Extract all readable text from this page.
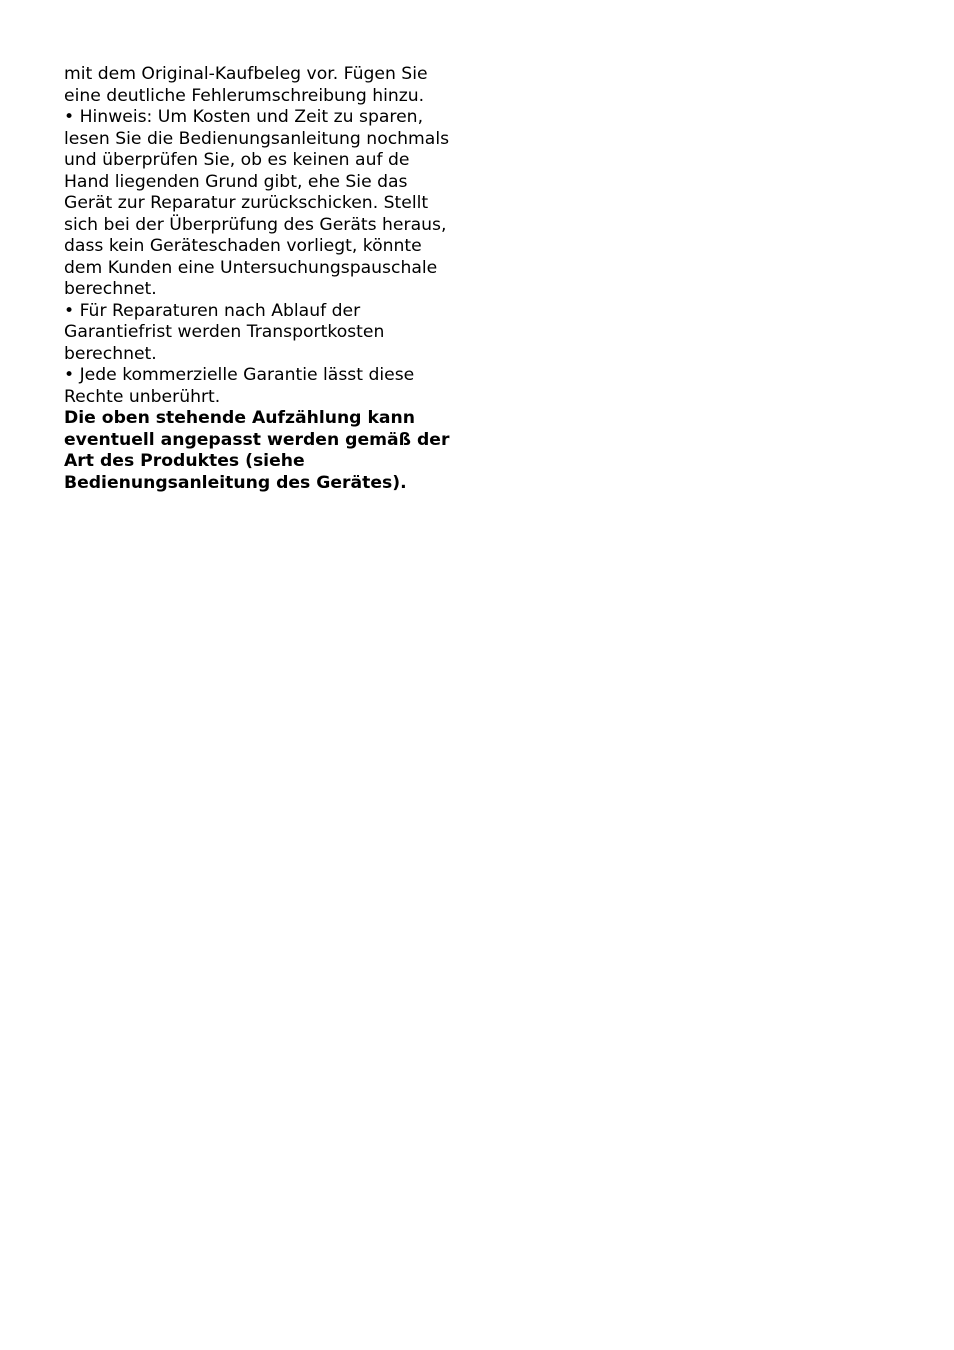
mit dem Original-Kaufbeleg vor. Fügen Sie
eine deutliche Fehlerumschreibung hinzu.
• Hinweis: Um Kosten und Zeit zu sparen,
lesen Sie die Bedienungsanleitung nochmals
und überprüfen Sie, ob es keinen auf de
Hand liegenden Grund gibt, ehe Sie das
Gerät zur Reparatur zurückschicken. Stellt
sich bei der Überprüfung des Geräts heraus,
dass kein Geräteschaden vorliegt, könnte
dem Kunden eine Untersuchungspauschale
berechnet.
• Für Reparaturen nach Ablauf der
Garantiefrist werden Transportkosten
berechnet.
• Jede kommerzielle Garantie lässt diese
Rechte unberührt.
Die oben stehende Aufzählung kann
eventuell angepasst werden gemäß der
Art des Produktes (siehe
Bedienungsanleitung des Gerätes).
